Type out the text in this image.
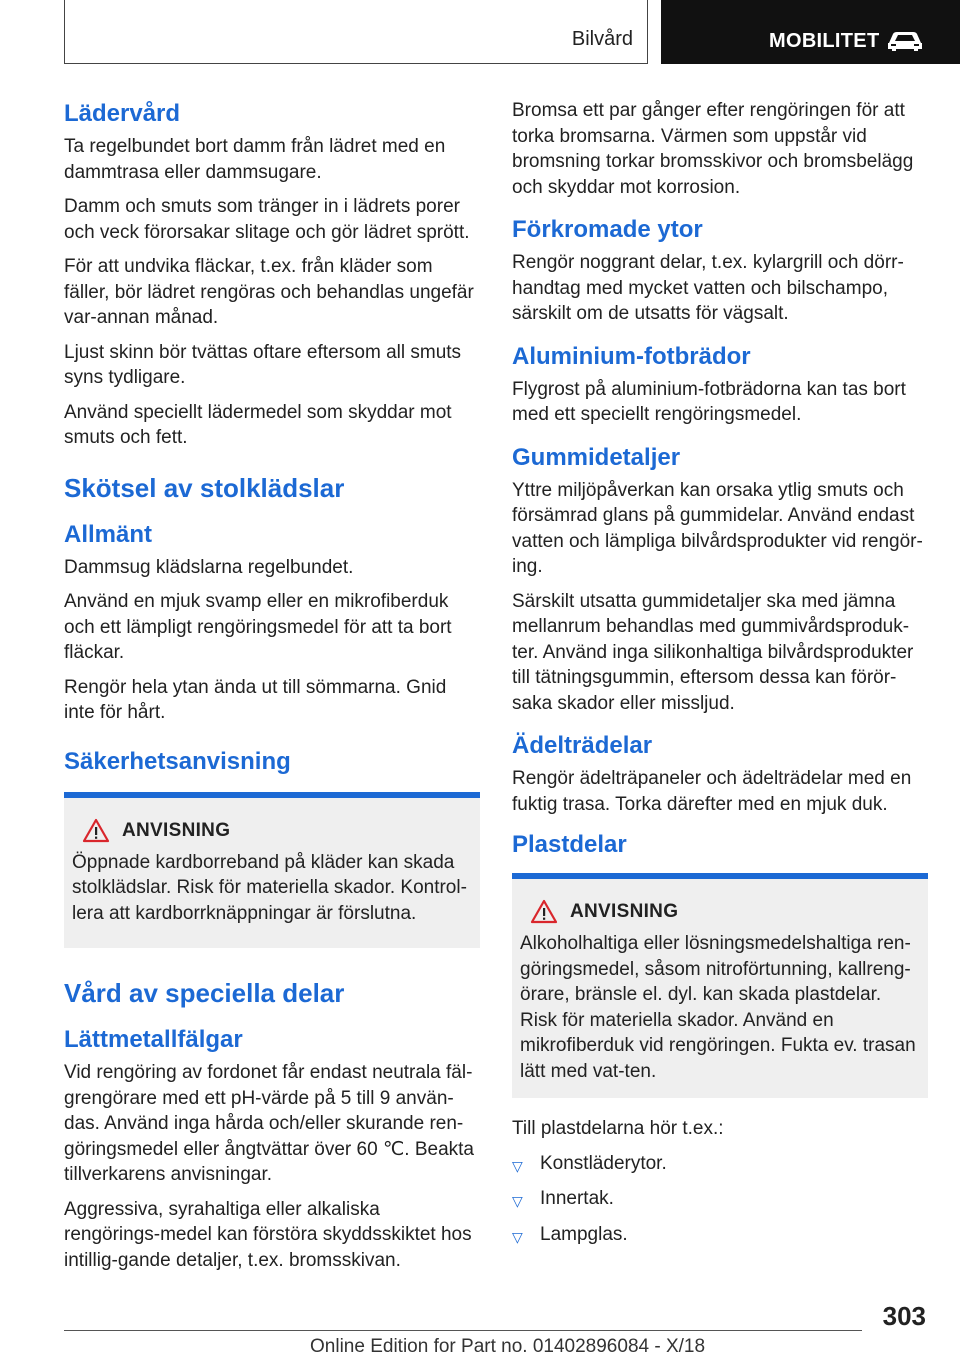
Bilvård	MOBILITET
Lädervård

Ta regelbundet bort damm från lädret med en dammtrasa eller dammsugare.

Damm och smuts som tränger in i lädrets porer och veck förorsakar slitage och gör lädret sprött.

För att undvika fläckar, t.ex. från kläder som fäller, bör lädret rengöras och behandlas ungefär var-annan månad.

Ljust skinn bör tvättas oftare eftersom all smuts syns tydligare.

Använd speciellt lädermedel som skyddar mot smuts och fett.

Skötsel av stolklädslar
Allmänt

Dammsug klädslarna regelbundet.

Använd en mjuk svamp eller en mikrofiberduk och ett lämpligt rengöringsmedel för att ta bort fläckar.

Rengör hela ytan ända ut till sömmarna. Gnid inte för hårt.

Säkerhetsanvisning
ANVISNING

Öppnade kardborreband på kläder kan skada stolklädslar. Risk för materiella skador. Kontrol-lera att kardborrknäppningar är förslutna.

Vård av speciella delar
Lättmetallfälgar

Vid rengöring av fordonet får endast neutrala fäl-grengörare med ett pH-värde på 5 till 9 använ-das. Använd inga hårda och/eller skurande ren-göringsmedel eller ångtvättar över 60 ℃. Beakta tillverkarens anvisningar.

Aggressiva, syrahaltiga eller alkaliska rengörings-medel kan förstöra skyddsskiktet hos intillig-gande detaljer, t.ex. bromsskivan.

Bromsa ett par gånger efter rengöringen för att torka bromsarna. Värmen som uppstår vid bromsning torkar bromsskivor och bromsbelägg och skyddar mot korrosion.

Förkromade ytor

Rengör noggrant delar, t.ex. kylargrill och dörr-handtag med mycket vatten och bilschampo, särskilt om de utsatts för vägsalt.

Aluminium-fotbrädor

Flygrost på aluminium-fotbrädorna kan tas bort med ett speciellt rengöringsmedel.

Gummidetaljer

Yttre miljöpåverkan kan orsaka ytlig smuts och försämrad glans på gummidelar. Använd endast vatten och lämpliga bilvårdsprodukter vid rengör-ing.

Särskilt utsatta gummidetaljer ska med jämna mellanrum behandlas med gummivårdsproduk-ter. Använd inga silikonhaltiga bilvårdsprodukter till tätningsgummin, eftersom dessa kan förör-saka skador eller missljud.

Ädelträdelar

Rengör ädelträpaneler och ädelträdelar med en fuktig trasa. Torka därefter med en mjuk duk.

Plastdelar
ANVISNING

Alkoholhaltiga eller lösningsmedelshaltiga ren-göringsmedel, såsom nitroförtunning, kallreng-örare, bränsle el. dyl. kan skada plastdelar. Risk för materiella skador. Använd en mikrofiberduk vid rengöringen. Fukta ev. trasan lätt med vat-ten.

Till plastdelarna hör t.ex.:

▽ Konstläderytor.
▽ Innertak.
▽ Lampglas.
303
Online Edition for Part no. 01402896084 - X/18
